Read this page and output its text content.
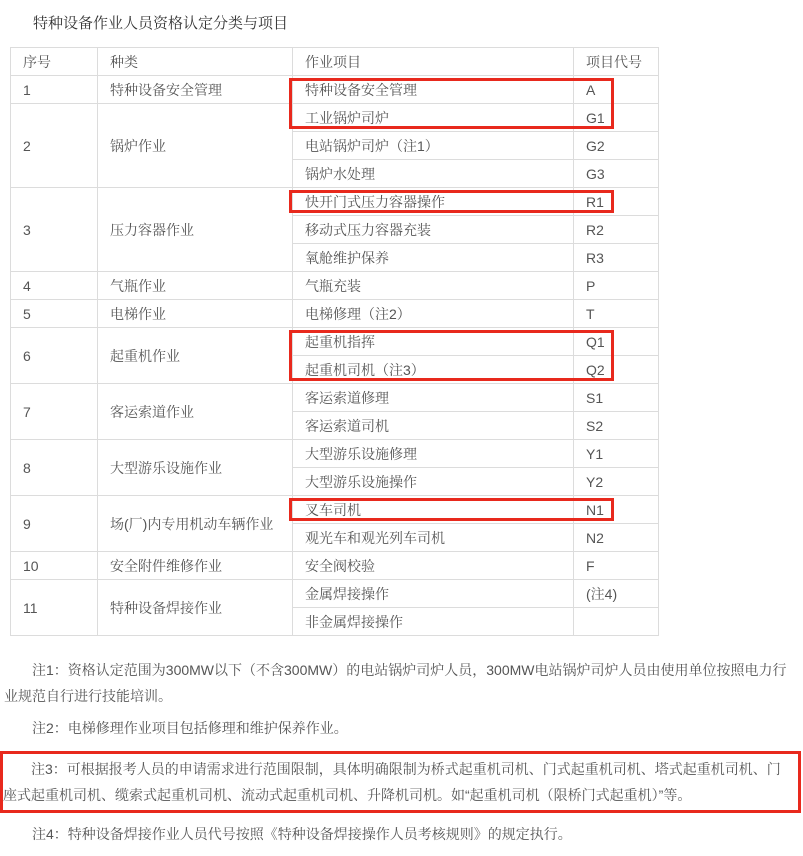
特种设备作业人员资格认定分类与项目
序号	种类	作业项目	项目代号
1	特种设备安全管理	特种设备安全管理	A
2	锅炉作业	工业锅炉司炉	G1
		电站锅炉司炉（注1）	G2
		锅炉水处理	G3
3	压力容器作业	快开门式压力容器操作	R1
		移动式压力容器充装	R2
		氧舱维护保养	R3
4	气瓶作业	气瓶充装	P
5	电梯作业	电梯修理（注2）	T
6	起重机作业	起重机指挥	Q1
		起重机司机（注3）	Q2
7	客运索道作业	客运索道修理	S1
		客运索道司机	S2
8	大型游乐设施作业	大型游乐设施修理	Y1
		大型游乐设施操作	Y2
9	场(厂)内专用机动车辆作业	叉车司机	N1
		观光车和观光列车司机	N2
10	安全附件维修作业	安全阀校验	F
11	特种设备焊接作业	金属焊接操作	(注4)
		非金属焊接操作	
注1：资格认定范围为300MW以下（不含300MW）的电站锅炉司炉人员，300MW电站锅炉司炉人员由使用单位按照电力行业规范自行进行技能培训。
注2：电梯修理作业项目包括修理和维护保养作业。
注3：可根据报考人员的申请需求进行范围限制，具体明确限制为桥式起重机司机、门式起重机司机、塔式起重机司机、门座式起重机司机、缆索式起重机司机、流动式起重机司机、升降机司机。如“起重机司机（限桥门式起重机）”等。
注4：特种设备焊接作业人员代号按照《特种设备焊接操作人员考核规则》的规定执行。
